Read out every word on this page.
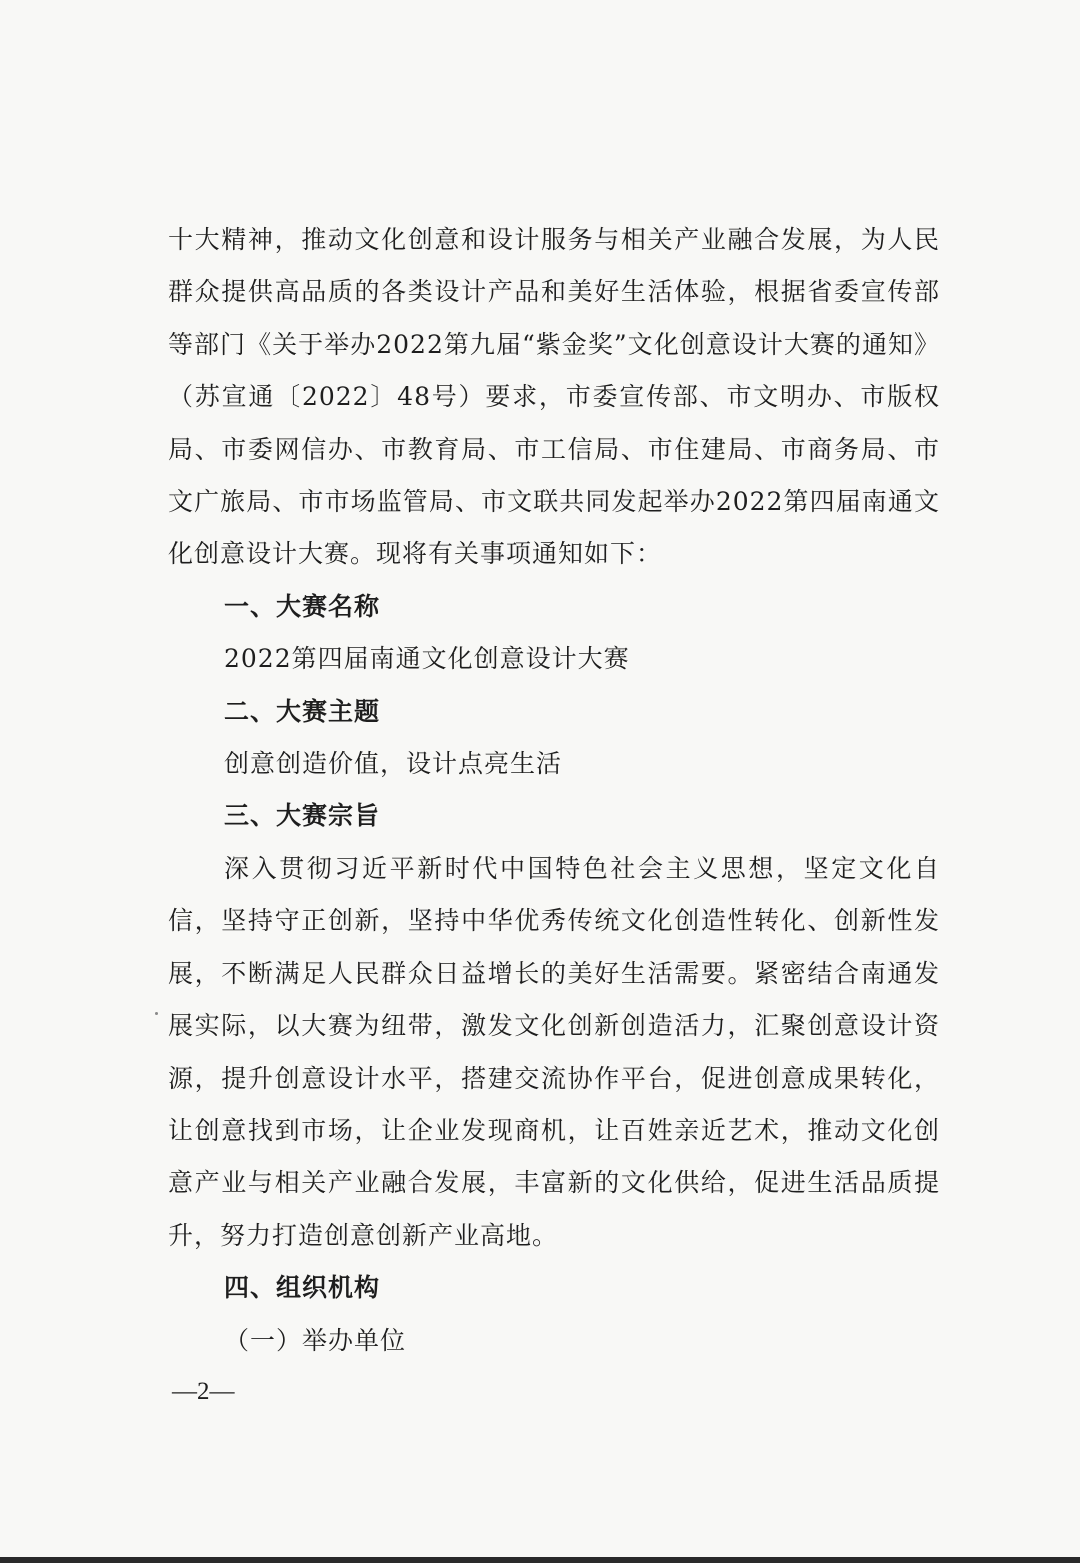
十大精神，推动文化创意和设计服务与相关产业融合发展，为人民群众提供高品质的各类设计产品和美好生活体验，根据省委宣传部等部门《关于举办2022第九届“紫金奖”文化创意设计大赛的通知》（苏宣通〔2022〕48号）要求，市委宣传部、市文明办、市版权局、市委网信办、市教育局、市工信局、市住建局、市商务局、市文广旅局、市市场监管局、市文联共同发起举办2022第四届南通文化创意设计大赛。现将有关事项通知如下：

一、大赛名称

2022第四届南通文化创意设计大赛

二、大赛主题

创意创造价值，设计点亮生活

三、大赛宗旨

深入贯彻习近平新时代中国特色社会主义思想，坚定文化自信，坚持守正创新，坚持中华优秀传统文化创造性转化、创新性发展，不断满足人民群众日益增长的美好生活需要。紧密结合南通发展实际，以大赛为纽带，激发文化创新创造活力，汇聚创意设计资源，提升创意设计水平，搭建交流协作平台，促进创意成果转化，让创意找到市场，让企业发现商机，让百姓亲近艺术，推动文化创意产业与相关产业融合发展，丰富新的文化供给，促进生活品质提升，努力打造创意创新产业高地。

四、组织机构

（一）举办单位

—2—
